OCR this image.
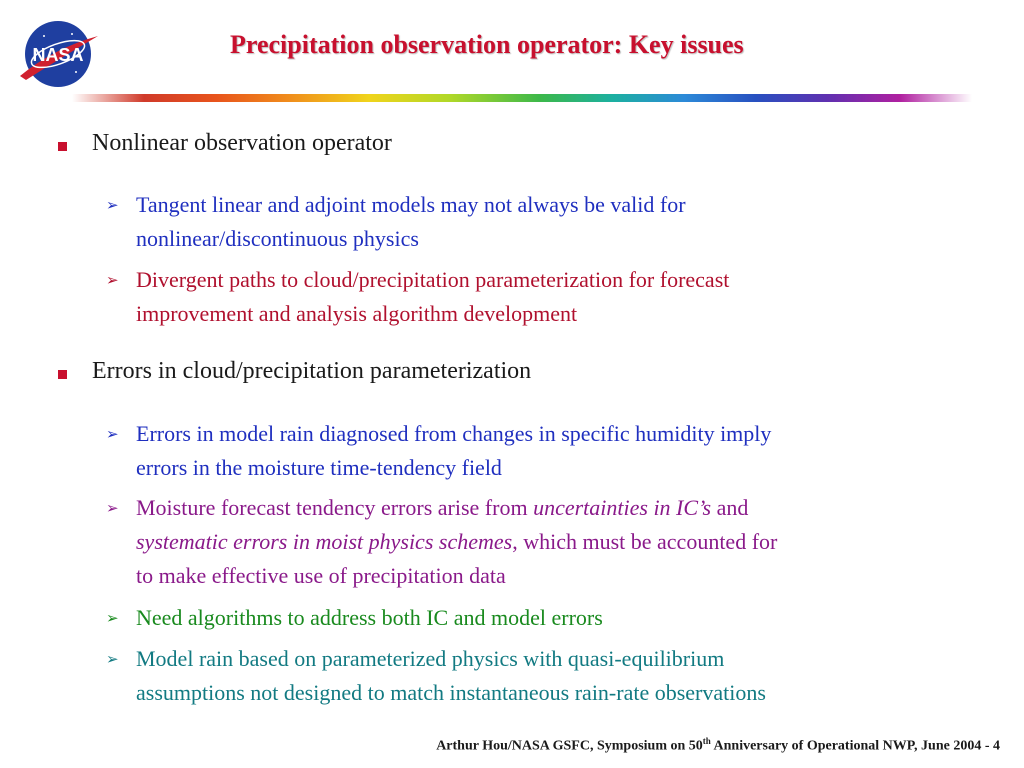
NASA	Precipitation observation operator: Key issues
Nonlinear observation operator
➢ Tangent linear and adjoint models may not always be valid for
nonlinear/discontinuous physics
➢ Divergent paths to cloud/precipitation parameterization for forecast
improvement and analysis algorithm development
Errors in cloud/precipitation parameterization
➢ Errors in model rain diagnosed from changes in specific humidity imply
errors in the moisture time-tendency field
➢ Moisture forecast tendency errors arise from uncertainties in IC’s and
systematic errors in moist physics schemes, which must be accounted for
to make effective use of precipitation data
➢ Need algorithms to address both IC and model errors
➢ Model rain based on parameterized physics with quasi-equilibrium
assumptions not designed to match instantaneous rain-rate observations
Arthur Hou/NASA GSFC, Symposium on 50th Anniversary of Operational NWP, June 2004 - 4
